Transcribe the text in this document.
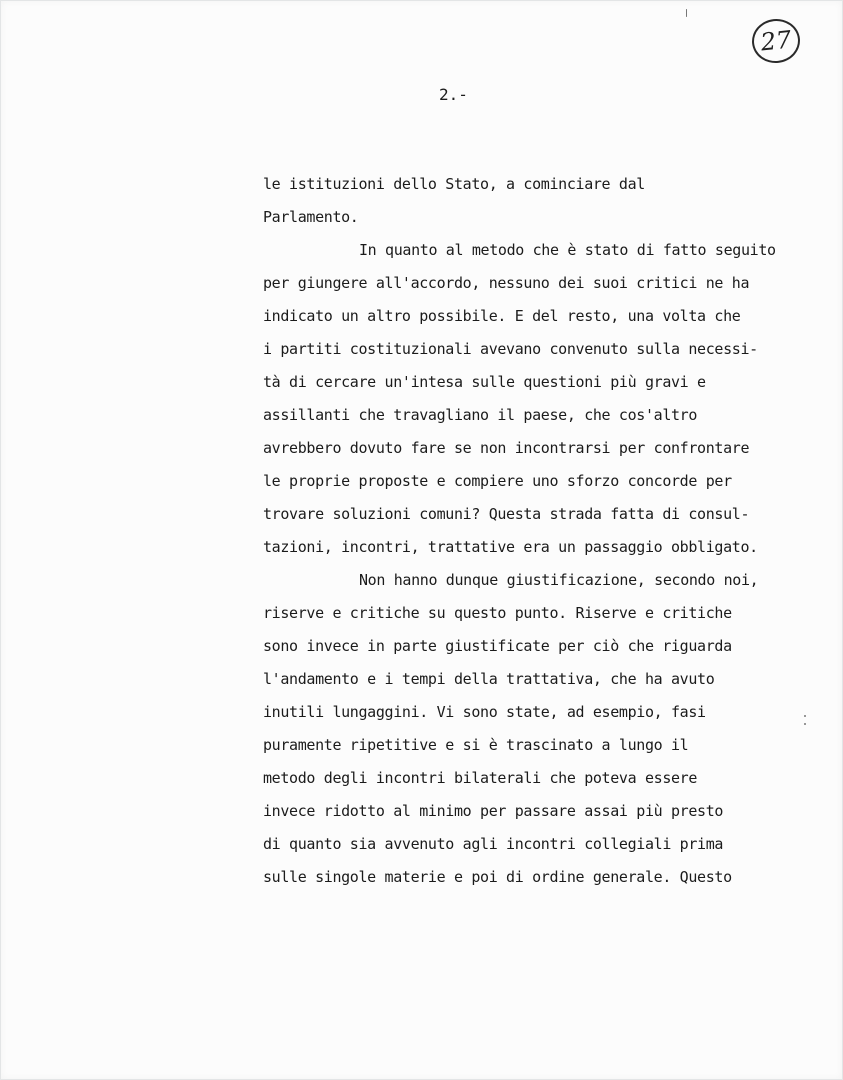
27
2.-
le istituzioni dello Stato, a cominciare dal
Parlamento.
In quanto al metodo che è stato di fatto seguito
per giungere all'accordo, nessuno dei suoi critici ne ha
indicato un altro possibile. E del resto, una volta che
i partiti costituzionali avevano convenuto sulla necessi-
tà di cercare un'intesa sulle questioni più gravi e
assillanti che travagliano il paese, che cos'altro
avrebbero dovuto fare se non incontrarsi per confrontare
le proprie proposte e compiere uno sforzo concorde per
trovare soluzioni comuni? Questa strada fatta di consul-
tazioni, incontri, trattative era un passaggio obbligato.
Non hanno dunque giustificazione, secondo noi,
riserve e critiche su questo punto. Riserve e critiche
sono invece in parte giustificate per ciò che riguarda
l'andamento e i tempi della trattativa, che ha avuto
inutili lungaggini. Vi sono state, ad esempio, fasi
puramente ripetitive e si è trascinato a lungo il
metodo degli incontri bilaterali che poteva essere
invece ridotto al minimo per passare assai più presto
di quanto sia avvenuto agli incontri collegiali prima
sulle singole materie e poi di ordine generale. Questo
